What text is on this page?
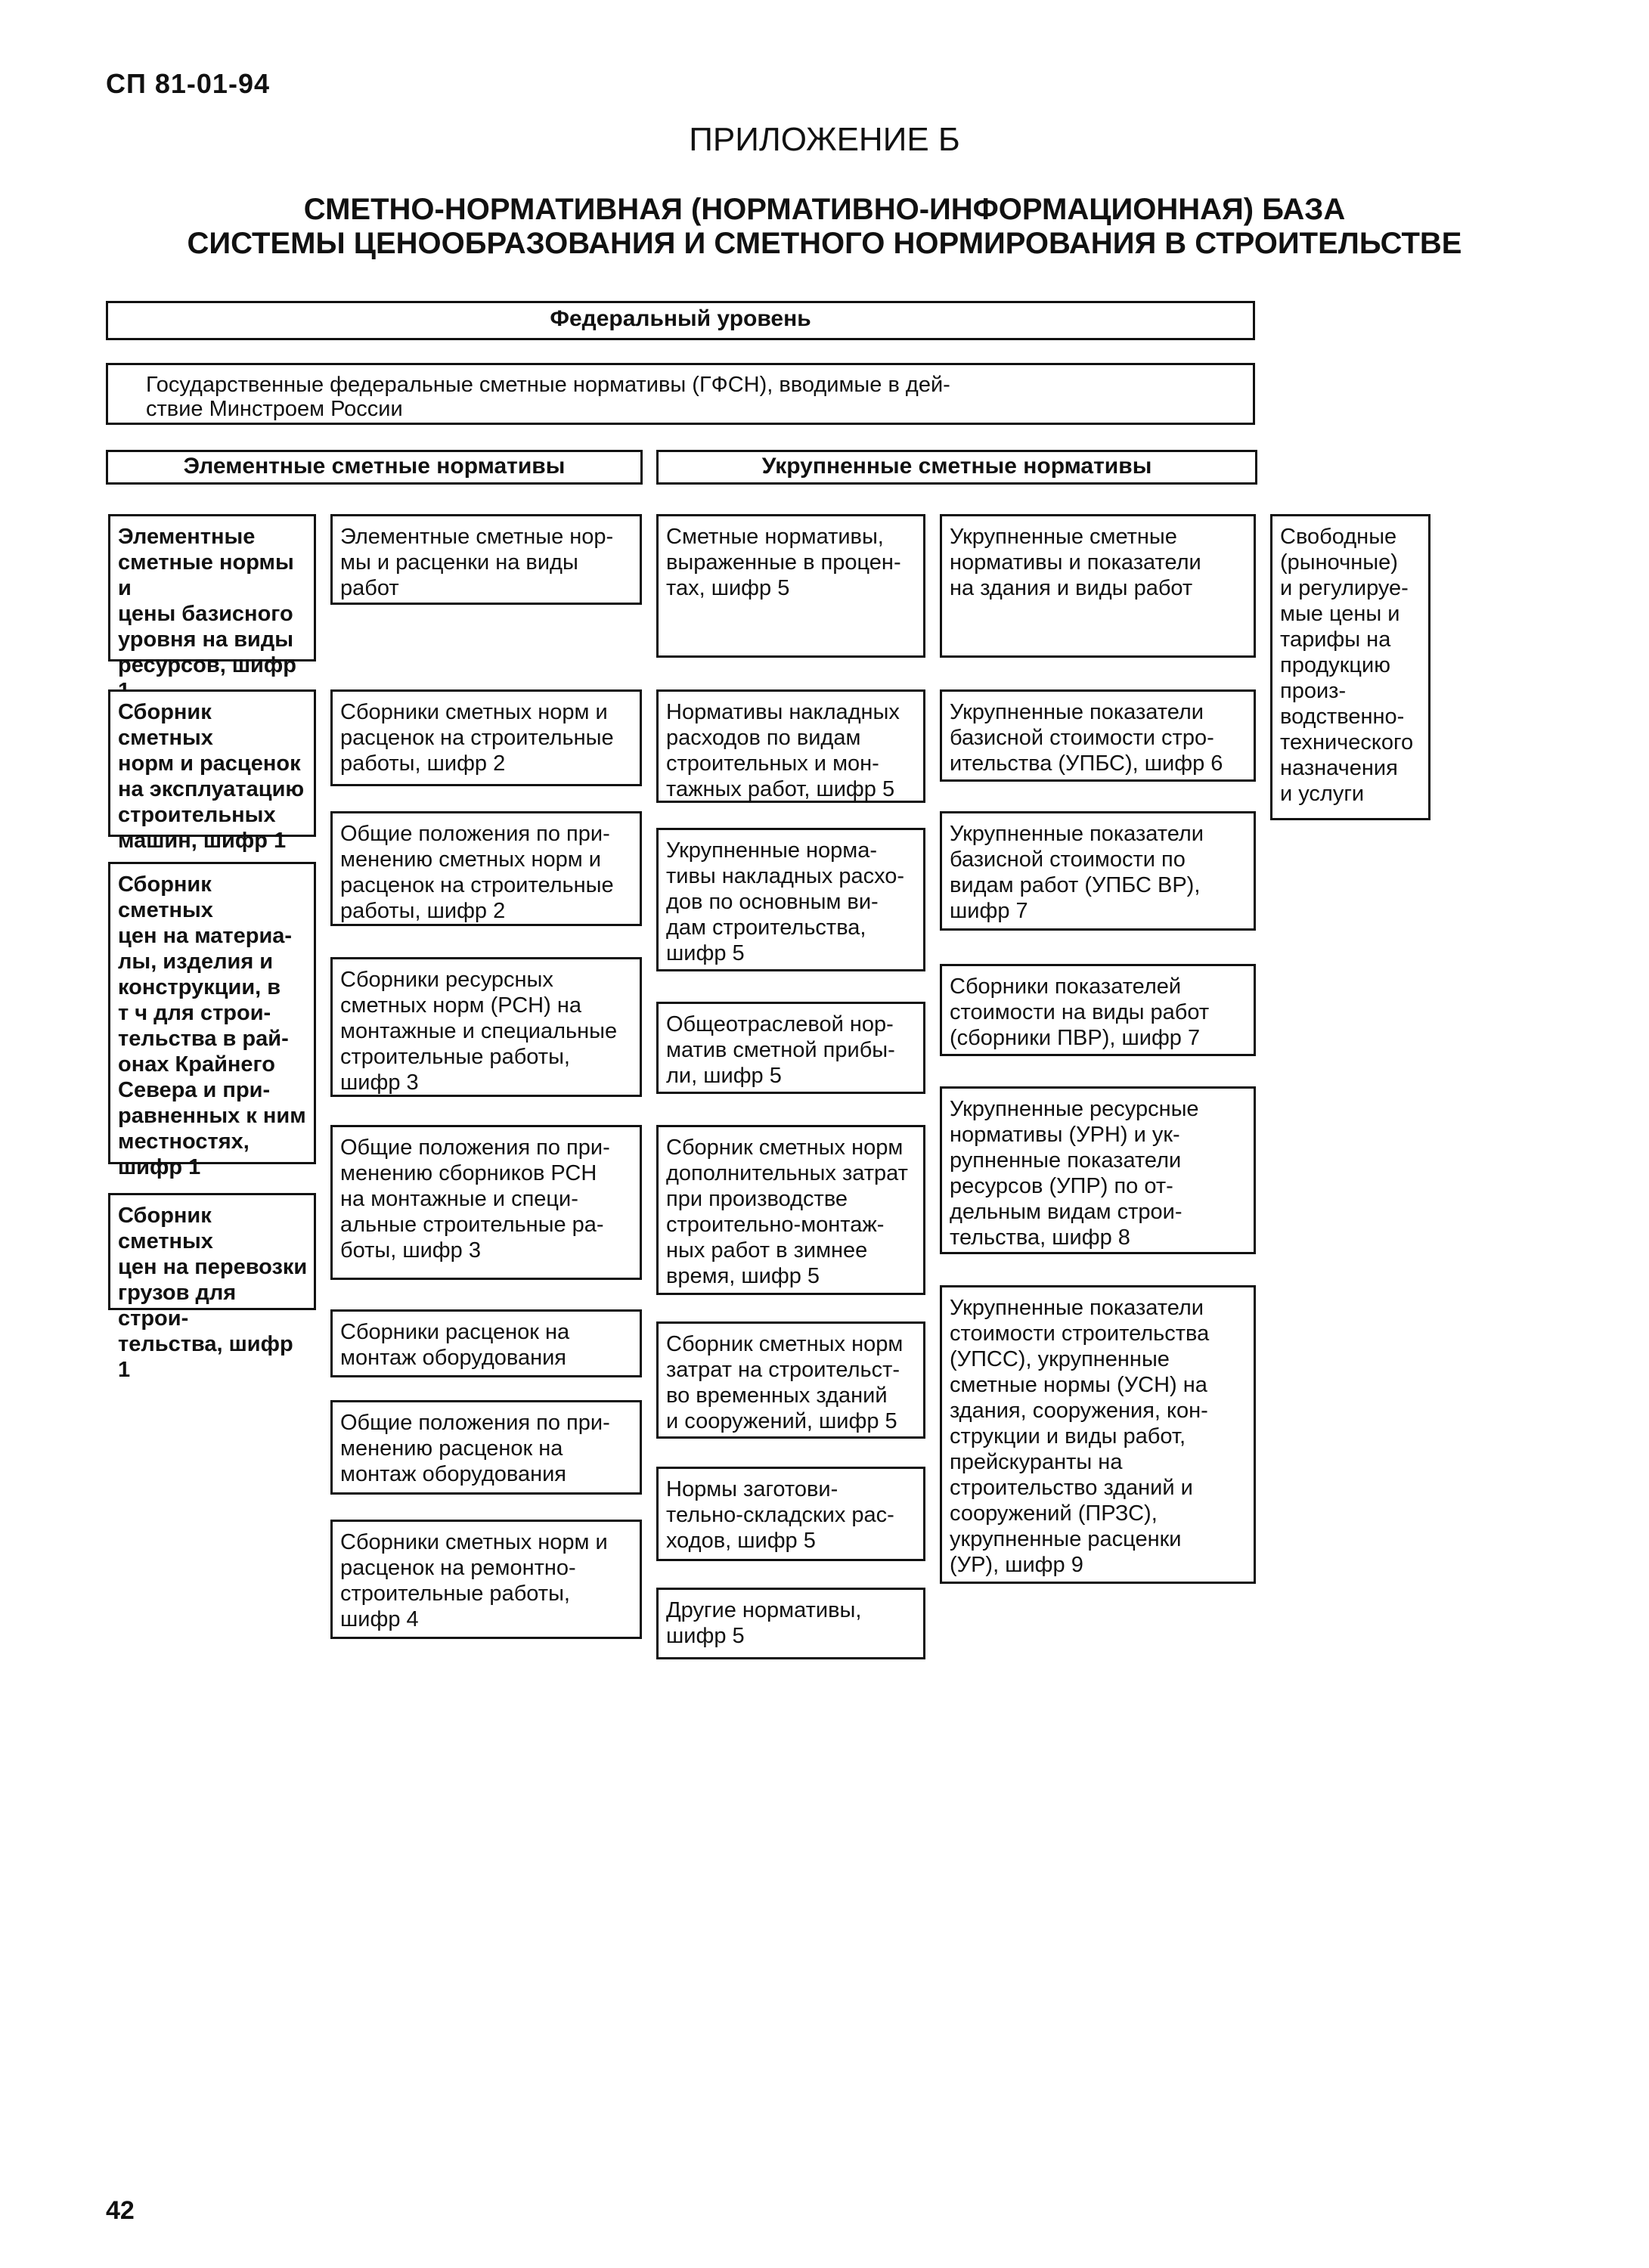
СП 81-01-94
ПРИЛОЖЕНИЕ Б
СМЕТНО-НОРМАТИВНАЯ (НОРМАТИВНО-ИНФОРМАЦИОННАЯ) БАЗА
СИСТЕМЫ ЦЕНООБРАЗОВАНИЯ И СМЕТНОГО НОРМИРОВАНИЯ В СТРОИТЕЛЬСТВЕ
Федеральный уровень
Государственные федеральные сметные нормативы (ГФСН), вводимые в дей-
ствие Минстроем России
Элементные сметные нормативы	Укрупненные сметные нормативы
Элементные
сметные нормы и
цены базисного
уровня на виды
ресурсов, шифр
Сборник сметных
норм и расценок
на эксплуатацию
строительных
машин, шифр 1
Сборник сметных
цен на материа-
лы, изделия и
конструкции, в
т ч для строи-
тельства в рай-
онах Крайнего
Севера и при-
равненных к ним
местностях,
шифр 1
Сборник сметных
цен на перевозки
грузов для строи-
тельства, шифр 1
Элементные сметные нор-
мы и расценки на виды
работ
Сборники сметных норм и
расценок на строительные
работы, шифр 2
Общие положения по при-
менению сметных норм и
расценок на строительные
работы, шифр 2
Сборники ресурсных
сметных норм (РСН) на
монтажные и специальные
строительные работы,
шифр 3
Общие положения по при-
менению сборников РСН
на монтажные и специ-
альные строительные ра-
боты, шифр 3
Сборники расценок на
монтаж оборудования
Общие положения по при-
менению расценок на
монтаж оборудования
Сборники сметных норм и
расценок на ремонтно-
строительные работы,
шифр 4
Сметные нормативы,
выраженные в процен-
тах, шифр 5
Нормативы накладных
расходов по видам
строительных и мон-
тажных работ, шифр 5
Укрупненные норма-
тивы накладных расхо-
дов по основным ви-
дам строительства,
шифр 5
Общеотраслевой нор-
матив сметной прибы-
ли, шифр 5
Сборник сметных норм
дополнительных затрат
при производстве
строительно-монтаж-
ных работ в зимнее
время, шифр 5
Сборник сметных норм
затрат на строительст-
во временных зданий
и сооружений, шифр 5
Нормы заготови-
тельно-складских рас-
ходов, шифр 5
Другие нормативы,
шифр 5
Укрупненные сметные
нормативы и показатели
на здания и виды работ
Укрупненные показатели
базисной стоимости стро-
ительства (УПБС), шифр 6
Укрупненные показатели
базисной стоимости по
видам работ (УПБС ВР),
шифр 7
Сборники показателей
стоимости на виды работ
(сборники ПВР), шифр 7
Укрупненные ресурсные
нормативы (УРН) и ук-
рупненные показатели
ресурсов (УПР) по от-
дельным видам строи-
тельства, шифр 8
Укрупненные показатели
стоимости строительства
(УПСС), укрупненные
сметные нормы (УСН) на
здания, сооружения, кон-
струкции и виды работ,
прейскуранты на
строительство зданий и
сооружений (ПРЗС),
укрупненные расценки
(УР), шифр 9
Свободные
(рыночные)
и регулируе-
мые цены и
тарифы на
продукцию
произ-
водственно-
технического
назначения
и услуги
42
